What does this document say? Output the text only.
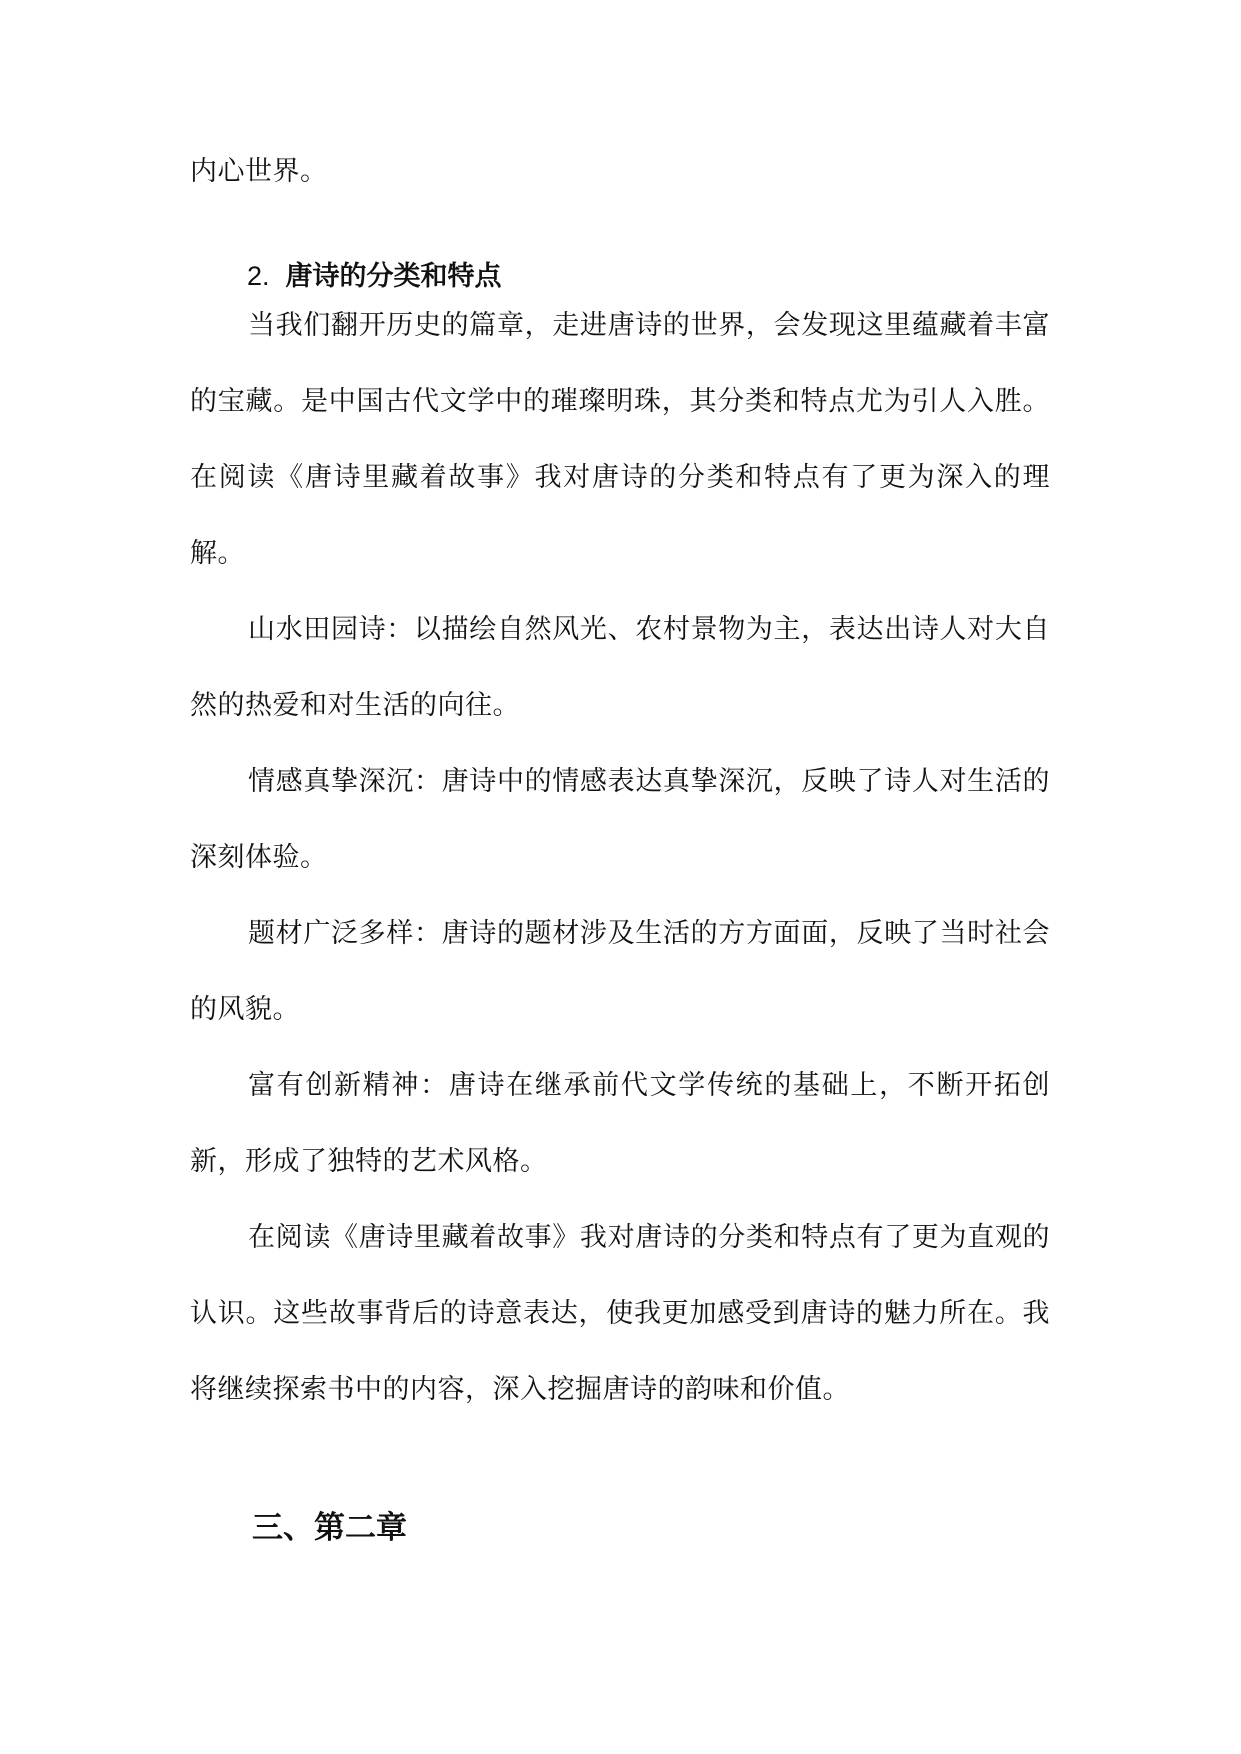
内心世界。

2. 唐诗的分类和特点

当我们翻开历史的篇章，走进唐诗的世界，会发现这里蕴藏着丰富的宝藏。是中国古代文学中的璀璨明珠，其分类和特点尤为引人入胜。在阅读《唐诗里藏着故事》我对唐诗的分类和特点有了更为深入的理解。

山水田园诗：以描绘自然风光、农村景物为主，表达出诗人对大自然的热爱和对生活的向往。

情感真挚深沉：唐诗中的情感表达真挚深沉，反映了诗人对生活的深刻体验。

题材广泛多样：唐诗的题材涉及生活的方方面面，反映了当时社会的风貌。

富有创新精神：唐诗在继承前代文学传统的基础上，不断开拓创新，形成了独特的艺术风格。

在阅读《唐诗里藏着故事》我对唐诗的分类和特点有了更为直观的认识。这些故事背后的诗意表达，使我更加感受到唐诗的魅力所在。我将继续探索书中的内容，深入挖掘唐诗的韵味和价值。

三、第二章
